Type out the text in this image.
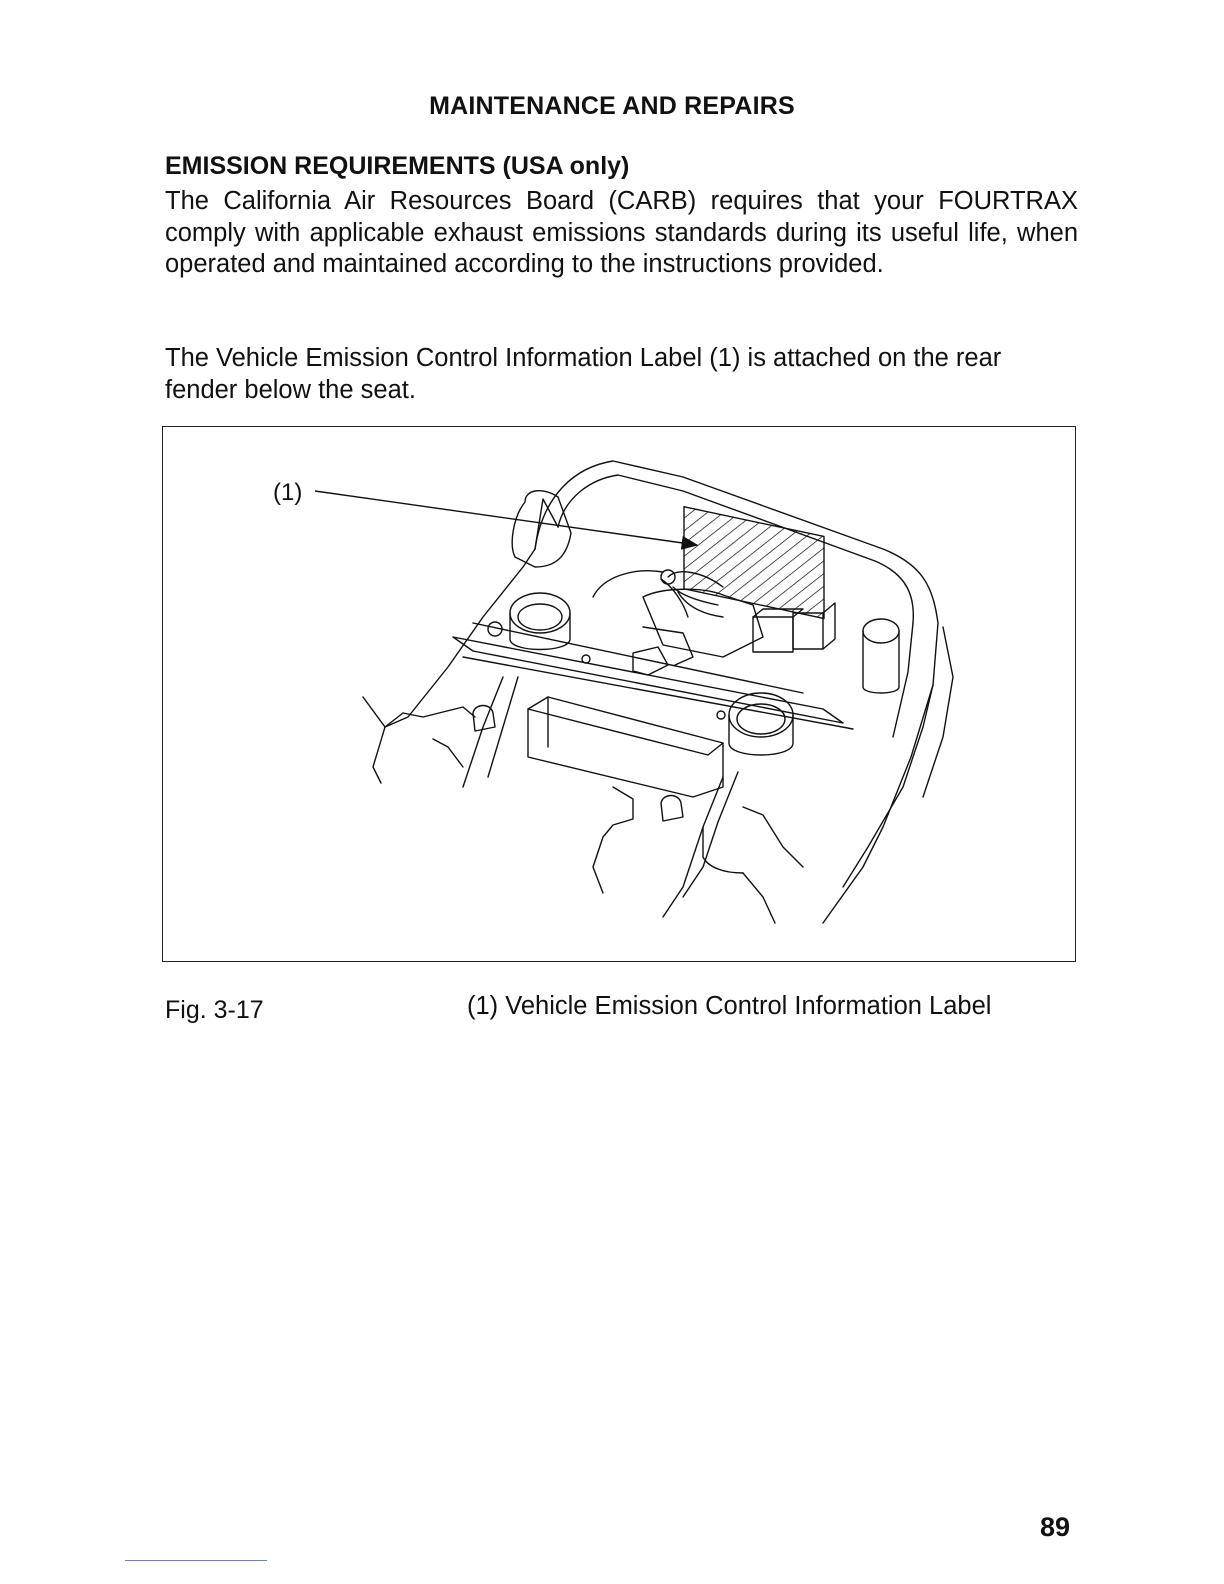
MAINTENANCE AND REPAIRS
EMISSION REQUIREMENTS (USA only)

The California Air Resources Board (CARB) requires that your FOURTRAX comply with applicable exhaust emissions standards during its useful life, when operated and maintained according to the instructions provided.

The Vehicle Emission Control Information Label (1) is attached on the rear fender below the seat.

(1)
Fig. 3-17	(1) Vehicle Emission Control Information Label
89
